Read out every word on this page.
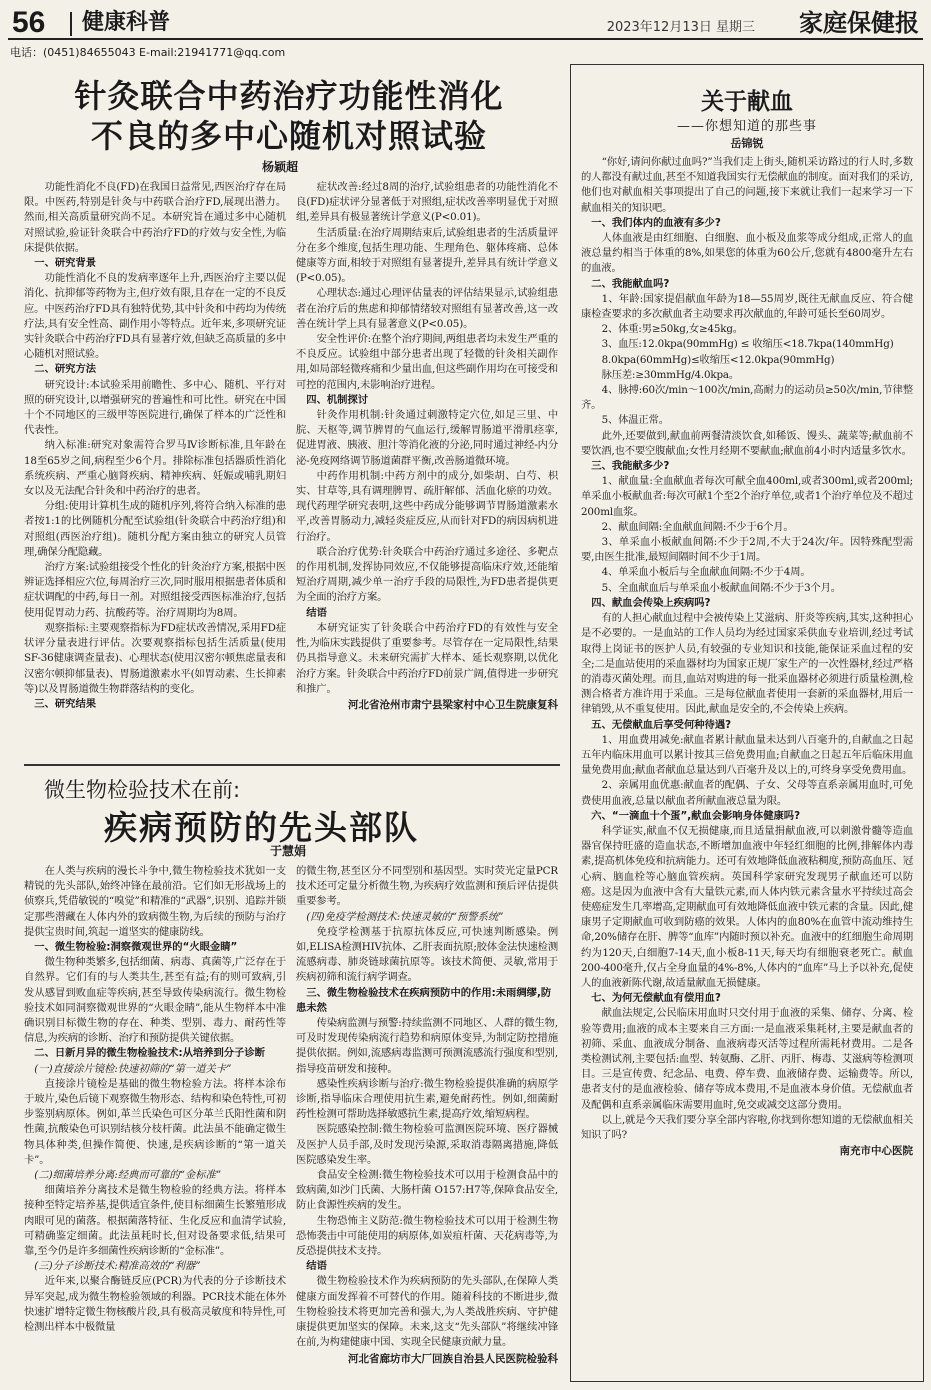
56 健康科普	2023年12月13日 星期三 家庭保健报
电话：(0451)84655043 E-mail:21941771@qq.com
针灸联合中药治疗功能性消化
不良的多中心随机对照试验
杨颖超
功能性消化不良(FD)在我国日益常见,西医治疗存在局限。中医药,特别是针灸与中药联合治疗FD,展现出潜力。然而,相关高质量研究尚不足。本研究旨在通过多中心随机对照试验,验证针灸联合中药治疗FD的疗效与安全性,为临床提供依据。
一、研究背景
功能性消化不良的发病率逐年上升,西医治疗主要以促消化、抗抑郁等药物为主,但疗效有限,且存在一定的不良反应。中医药治疗FD具有独特优势,其中针灸和中药均为传统疗法,具有安全性高、副作用小等特点。近年来,多项研究证实针灸联合中药治疗FD具有显著疗效,但缺乏高质量的多中心随机对照试验。
二、研究方法
研究设计:本试验采用前瞻性、多中心、随机、平行对照的研究设计,以增强研究的普遍性和可比性。研究在中国十个不同地区的三级甲等医院进行,确保了样本的广泛性和代表性。
纳入标准:研究对象需符合罗马Ⅳ诊断标准,且年龄在18至65岁之间,病程至少6个月。排除标准包括器质性消化系统疾病、严重心脑肾疾病、精神疾病、妊娠或哺乳期妇女以及无法配合针灸和中药治疗的患者。
分组:使用计算机生成的随机序列,将符合纳入标准的患者按1:1的比例随机分配至试验组(针灸联合中药治疗组)和对照组(西医治疗组)。随机分配方案由独立的研究人员管理,确保分配隐藏。
治疗方案:试验组接受个性化的针灸治疗方案,根据中医辨证选择相应穴位,每周治疗三次,同时服用根据患者体质和症状调配的中药,每日一剂。对照组接受西医标准治疗,包括使用促胃动力药、抗酸药等。治疗周期均为8周。
观察指标:主要观察指标为FD症状改善情况,采用FD症状评分量表进行评估。次要观察指标包括生活质量(使用SF-36健康调查量表)、心理状态(使用汉密尔顿焦虑量表和汉密尔顿抑郁量表)、胃肠道激素水平(如胃动素、生长抑素等)以及胃肠道微生物群落结构的变化。
三、研究结果
症状改善:经过8周的治疗,试验组患者的功能性消化不良(FD)症状评分显著低于对照组,症状改善率明显优于对照组,差异具有极显著统计学意义(P<0.01)。
生活质量:在治疗周期结束后,试验组患者的生活质量评分在多个维度,包括生理功能、生理角色、躯体疼痛、总体健康等方面,相较于对照组有显著提升,差异具有统计学意义(P<0.05)。
心理状态:通过心理评估量表的评估结果显示,试验组患者在治疗后的焦虑和抑郁情绪较对照组有显著改善,这一改善在统计学上具有显著意义(P<0.05)。
安全性评价:在整个治疗期间,两组患者均未发生严重的不良反应。试验组中部分患者出现了轻微的针灸相关副作用,如局部轻微疼痛和少量出血,但这些副作用均在可接受和可控的范围内,未影响治疗进程。
四、机制探讨
针灸作用机制:针灸通过刺激特定穴位,如足三里、中脘、天枢等,调节脾胃的气血运行,缓解胃肠道平滑肌痉挛,促进胃液、胰液、胆汁等消化液的分泌,同时通过神经-内分泌-免疫网络调节肠道菌群平衡,改善肠道微环境。
中药作用机制:中药方剂中的成分,如柴胡、白芍、枳实、甘草等,具有调理脾胃、疏肝解郁、活血化瘀的功效。现代药理学研究表明,这些中药成分能够调节胃肠道激素水平,改善胃肠动力,减轻炎症反应,从而针对FD的病因病机进行治疗。
联合治疗优势:针灸联合中药治疗通过多途径、多靶点的作用机制,发挥协同效应,不仅能够提高临床疗效,还能缩短治疗周期,减少单一治疗手段的局限性,为FD患者提供更为全面的治疗方案。
结语
本研究证实了针灸联合中药治疗FD的有效性与安全性,为临床实践提供了重要参考。尽管存在一定局限性,结果仍具指导意义。未来研究需扩大样本、延长观察期,以优化治疗方案。针灸联合中药治疗FD前景广阔,值得进一步研究和推广。
河北省沧州市肃宁县梁家村中心卫生院康复科
微生物检验技术在前:
疾病预防的先头部队
于慧娟
在人类与疾病的漫长斗争中,微生物检验技术犹如一支精锐的先头部队,始终冲锋在最前沿。它们如无形战场上的侦察兵,凭借敏锐的“嗅觉”和精准的“武器”,识别、追踪并锁定那些潜藏在人体内外的致病微生物,为后续的预防与治疗提供宝贵时间,筑起一道坚实的健康防线。
一、微生物检验:洞察微观世界的“火眼金睛”
微生物种类繁多,包括细菌、病毒、真菌等,广泛存在于自然界。它们有的与人类共生,甚至有益;有的则可致病,引发从感冒到败血症等疾病,甚至导致传染病流行。微生物检验技术如同洞察微观世界的“火眼金睛”,能从生物样本中准确识别目标微生物的存在、种类、型别、毒力、耐药性等信息,为疾病的诊断、治疗和预防提供关键依据。
二、日新月异的微生物检验技术:从培养到分子诊断
(一)直接涂片镜检:快速初筛的“第一道关卡”
直接涂片镜检是基础的微生物检验方法。将样本涂布于玻片,染色后镜下观察微生物形态、结构和染色特性,可初步鉴别病原体。例如,革兰氏染色可区分革兰氏阳性菌和阴性菌,抗酸染色可识别结核分枝杆菌。此法虽不能确定微生物具体种类,但操作简便、快速,是疾病诊断的“第一道关卡”。
(二)细菌培养分离:经典而可靠的“金标准”
细菌培养分离技术是微生物检验的经典方法。将样本接种至特定培养基,提供适宜条件,使目标细菌生长繁殖形成肉眼可见的菌落。根据菌落特征、生化反应和血清学试验,可精确鉴定细菌。此法虽耗时长,但对设备要求低,结果可靠,至今仍是许多细菌性疾病诊断的“金标准”。
(三)分子诊断技术:精准高效的“利器”
近年来,以聚合酶链反应(PCR)为代表的分子诊断技术异军突起,成为微生物检验领域的利器。PCR技术能在体外快速扩增特定微生物核酸片段,具有极高灵敏度和特异性,可检测出样本中极微量
的微生物,甚至区分不同型别和基因型。实时荧光定量PCR技术还可定量分析微生物,为疾病疗效监测和预后评估提供重要参考。
(四)免疫学检测技术:快速灵敏的“预警系统”
免疫学检测基于抗原抗体反应,可快速判断感染。例如,ELISA检测HIV抗体、乙肝表面抗原;胶体金法快速检测流感病毒、肺炎链球菌抗原等。该技术简便、灵敏,常用于疾病初筛和流行病学调查。
三、微生物检验技术在疾病预防中的作用:未雨绸缪,防患未然
传染病监测与预警:持续监测不同地区、人群的微生物,可及时发现传染病流行趋势和病原体变异,为制定防控措施提供依据。例如,流感病毒监测可预测流感流行强度和型别,指导疫苗研发和接种。
感染性疾病诊断与治疗:微生物检验提供准确的病原学诊断,指导临床合理使用抗生素,避免耐药性。例如,细菌耐药性检测可帮助选择敏感抗生素,提高疗效,缩短病程。
医院感染控制:微生物检验可监测医院环境、医疗器械及医护人员手部,及时发现污染源,采取消毒隔离措施,降低医院感染发生率。
食品安全检测:微生物检验技术可以用于检测食品中的致病菌,如沙门氏菌、大肠杆菌 O157:H7等,保障食品安全,防止食源性疾病的发生。
生物恐怖主义防范:微生物检验技术可以用于检测生物恐怖袭击中可能使用的病原体,如炭疽杆菌、天花病毒等,为反恐提供技术支持。
结语
微生物检验技术作为疾病预防的先头部队,在保障人类健康方面发挥着不可替代的作用。随着科技的不断进步,微生物检验技术将更加完善和强大,为人类战胜疾病、守护健康提供更加坚实的保障。未来,这支“先头部队”将继续冲锋在前,为构建健康中国、实现全民健康贡献力量。
河北省廊坊市大厂回族自治县人民医院检验科
关于献血
——你想知道的那些事
岳锦锐
“你好,请问你献过血吗?”当我们走上街头,随机采访路过的行人时,多数的人都没有献过血,甚至不知道我国实行无偿献血的制度。面对我们的采访,他们也对献血相关事项提出了自己的问题,接下来就让我们一起来学习一下献血相关的知识吧。
一、我们体内的血液有多少?
人体血液是由红细胞、白细胞、血小板及血浆等成分组成,正常人的血液总量约相当于体重的8%,如果您的体重为60公斤,您就有4800毫升左右的血液。
二、我能献血吗?
1、年龄:国家提倡献血年龄为18—55周岁,既往无献血反应、符合健康检查要求的多次献血者主动要求再次献血的,年龄可延长至60周岁。
2、体重:男≥50kg,女≥45kg。
3、血压:12.0kpa(90mmHg) ≤ 收缩压<18.7kpa(140mmHg)
8.0kpa(60mmHg)≤收缩压<12.0kpa(90mmHg)
脉压差:≥30mmHg/4.0kpa。
4、脉搏:60次/min～100次/min,高耐力的运动员≥50次/min,节律整齐。
5、体温正常。
此外,还要做到,献血前两餐清淡饮食,如稀饭、馒头、蔬菜等;献血前不要饮酒,也不要空腹献血;女性月经期不要献血;献血前4小时内适量多饮水。
三、我能献多少?
1、献血量:全血献血者每次可献全血400ml,或者300ml,或者200ml;单采血小板献血者:每次可献1个至2个治疗单位,或者1个治疗单位及不超过200ml血浆。
2、献血间隔:全血献血间隔:不少于6个月。
3、单采血小板献血间隔:不少于2周,不大于24次/年。因特殊配型需要,由医生批准,最短间隔时间不少于1周。
4、单采血小板后与全血献血间隔:不少于4周。
5、全血献血后与单采血小板献血间隔:不少于3个月。
四、献血会传染上疾病吗?
有的人担心献血过程中会被传染上艾滋病、肝炎等疾病,其实,这种担心是不必要的。一是血站的工作人员均为经过国家采供血专业培训,经过考试取得上岗证书的医护人员,有较强的专业知识和技能,能保证采血过程的安全;二是血站使用的采血器材均为国家正规厂家生产的一次性器材,经过严格的消毒灭菌处理。而且,血站对购进的每一批采血器材必须进行质量检测,检测合格者方准许用于采血。三是每位献血者使用一套新的采血器材,用后一律销毁,从不重复使用。因此,献血是安全的,不会传染上疾病。
五、无偿献血后享受何种待遇?
1、用血费用减免:献血者累计献血量未达到八百毫升的,自献血之日起五年内临床用血可以累计按其三倍免费用血;自献血之日起五年后临床用血量免费用血;献血者献血总量达到八百毫升及以上的,可终身享受免费用血。
2、亲属用血优惠:献血者的配偶、子女、父母等直系亲属用血时,可免费使用血液,总量以献血者所献血液总量为限。
六、“一滴血十个蛋”,献血会影响身体健康吗?
科学证实,献血不仅无损健康,而且适量捐献血液,可以刺激骨髓等造血器官保持旺盛的造血状态,不断增加血液中年轻红细胞的比例,排解体内毒素,提高机体免疫和抗病能力。还可有效地降低血液粘稠度,预防高血压、冠心病、脑血栓等心脑血管疾病。英国科学家研究发现男子献血还可以防癌。这是因为血液中含有大量铁元素,而人体内铁元素含量水平持续过高会使癌症发生几率增高,定期献血可有效地降低血液中铁元素的含量。因此,健康男子定期献血可收到防癌的效果。人体内的血80%在血管中流动维持生命,20%储存在肝、脾等“血库”内随时预以补充。血液中的红细胞生命周期约为120天,白细胞7-14天,血小板8-11天,每天均有细胞衰老死亡。献血200-400毫升,仅占全身血量的4%-8%,人体内的“血库”马上予以补充,促使人的血液新陈代谢,故适量献血无损健康。
七、为何无偿献血有偿用血?
献血法规定,公民临床用血时只交付用于血液的采集、储存、分离、检验等费用;血液的成本主要来自三方面:一是血液采集耗材,主要是献血者的初筛、采血、血液成分制备、血液病毒灭活等过程所需耗材费用。二是各类检测试剂,主要包括:血型、转氨酶、乙肝、丙肝、梅毒、艾滋病等检测项目。三是宣传费、纪念品、电费、停车费、血液储存费、运输费等。所以,患者支付的是血液检验、储存等成本费用,不是血液本身价值。无偿献血者及配偶和直系亲属临床需要用血时,免交或减交这部分费用。
以上,就是今天我们要分享全部内容啦,你找到你想知道的无偿献血相关知识了吗?
南充市中心医院
